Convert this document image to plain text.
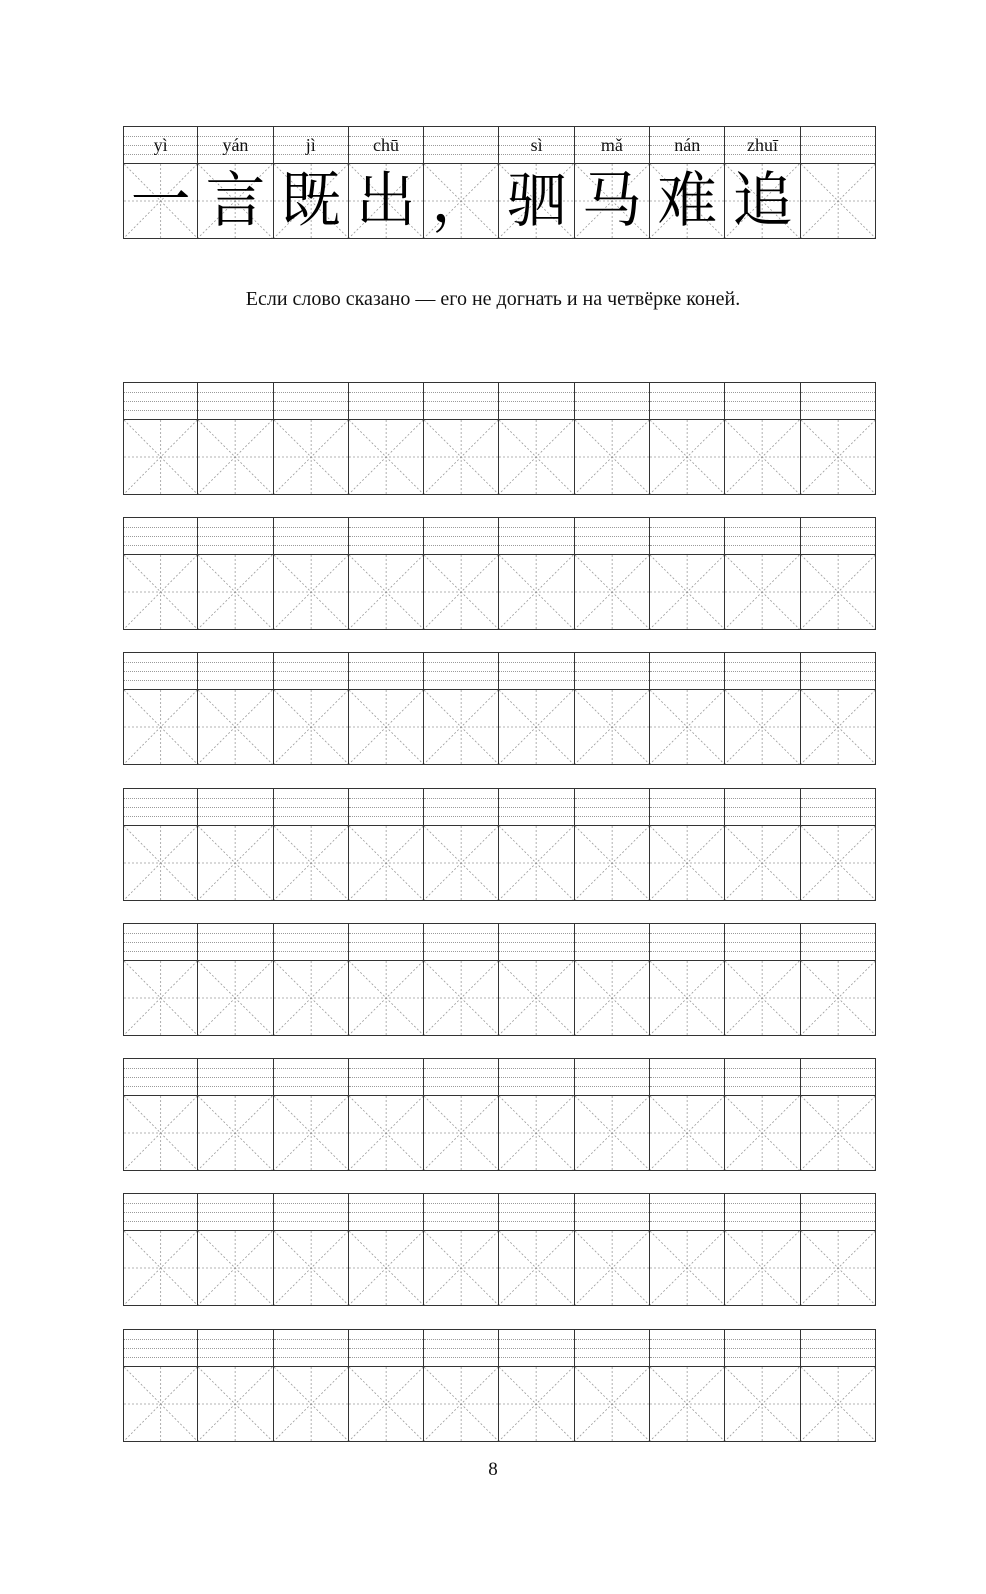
yì
一
yán
言
jì
既
chū
出 ，
sì
驷
mǎ
马
nán
难
zhuī
追
Если слово сказано — его не догнать и на четвёрке коней.
8
